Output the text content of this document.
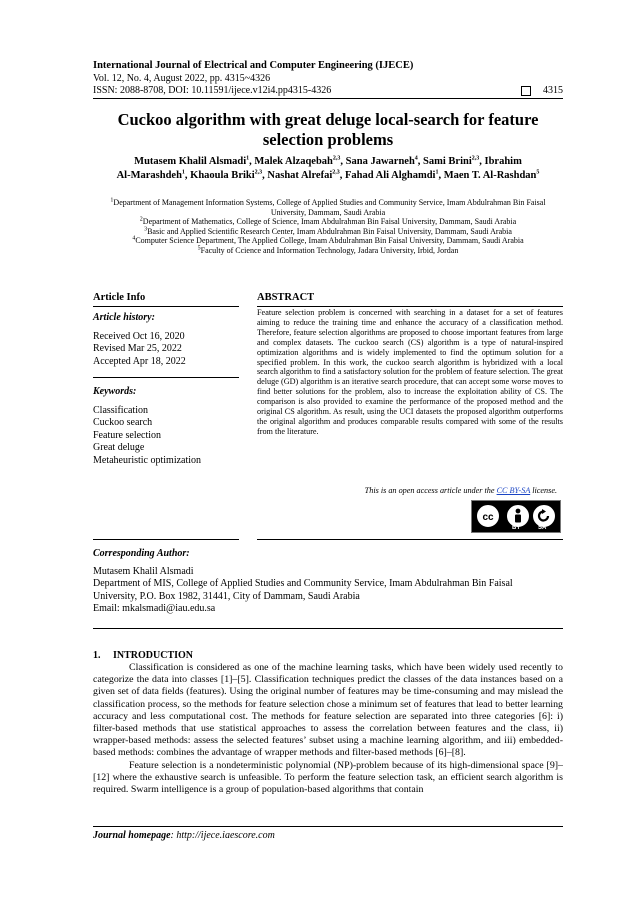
International Journal of Electrical and Computer Engineering (IJECE)
Vol. 12, No. 4, August 2022, pp. 4315~4326
ISSN: 2088-8708, DOI: 10.11591/ijece.v12i4.pp4315-4326	4315
Cuckoo algorithm with great deluge local-search for feature
selection problems
Mutasem Khalil Alsmadi$^1$, Malek Alzaqebah$^{2,3}$, Sana Jawarneh$^4$, Sami Brini$^{2,3}$, Ibrahim
Al-Marashdeh$^1$, Khaoula Briki$^{2,3}$, Nashat Alrefai$^{2,3}$, Fahad Ali Alghamdi$^1$, Maen T. Al-Rashdan$^5$

$^1$Department of Management Information Systems, College of Applied Studies and Community Service, Imam Abdulrahman Bin Faisal
University, Dammam, Saudi Arabia

$^2$Department of Mathematics, College of Science, Imam Abdulrahman Bin Faisal University, Dammam, Saudi Arabia

$^3$Basic and Applied Scientific Research Center, Imam Abdulrahman Bin Faisal University, Dammam, Saudi Arabia

$^4$Computer Science Department, The Applied College, Imam Abdulrahman Bin Faisal University, Dammam, Saudi Arabia

$^5$Faculty of Ccience and Information Technology, Jadara University, Irbid, Jordan

Article Info	ABSTRACT
Article history:
Received Oct 16, 2020
Revised Mar 25, 2022
Accepted Apr 18, 2022
Keywords:
Classification
Cuckoo search
Feature selection
Great deluge
Metaheuristic optimization
Feature selection problem is concerned with searching in a dataset for a set of features aiming to reduce the training time and enhance the accuracy of a classification method. Therefore, feature selection algorithms are proposed to choose important features from large and complex datasets. The cuckoo search (CS) algorithm is a type of natural-inspired optimization algorithms and is widely implemented to find the optimum solution for a specified problem. In this work, the cuckoo search algorithm is hybridized with a local search algorithm to find a satisfactory solution for the problem of feature selection. The great deluge (GD) algorithm is an iterative search procedure, that can accept some worse moves to find better solutions for the problem, also to increase the exploitation ability of CS. The comparison is also provided to examine the performance of the proposed method and the original CS algorithm. As result, using the UCI datasets the proposed algorithm outperforms the original algorithm and produces comparable results compared with some of the results from the literature.
This is an open access article under the CC BY-SA license.
cc
BY	SA
Corresponding Author:
Mutasem Khalil Alsmadi
Department of MIS, College of Applied Studies and Community Service, Imam Abdulrahman Bin Faisal
University, P.O. Box 1982, 31441, City of Dammam, Saudi Arabia
Email: mkalsmadi@iau.edu.sa
1.     INTRODUCTION

Classification is considered as one of the machine learning tasks, which have been widely used recently to categorize the data into classes [1]–[5]. Classification techniques predict the classes of the data instances based on a given set of data fields (features). Using the original number of features may be time-consuming and may mislead the classification process, so the methods for feature selection chose a minimum set of features that lead to better learning accuracy and less computational cost. The methods for feature selection are separated into three categories [6]: i) filter-based methods that use statistical approaches to assess the correlation between features and the class, ii) wrapper-based methods: assess the selected features’ subset using a machine learning algorithm, and iii) embedded-based methods: combines the advantage of wrapper methods and filter-based methods [6]–[8].

Feature selection is a nondeterministic polynomial (NP)-problem because of its high-dimensional space [9]–[12] where the exhaustive search is unfeasible. To perform the feature selection task, an efficient search algorithm is required. Swarm intelligence is a group of population-based algorithms that contain

Journal homepage: http://ijece.iaescore.com
